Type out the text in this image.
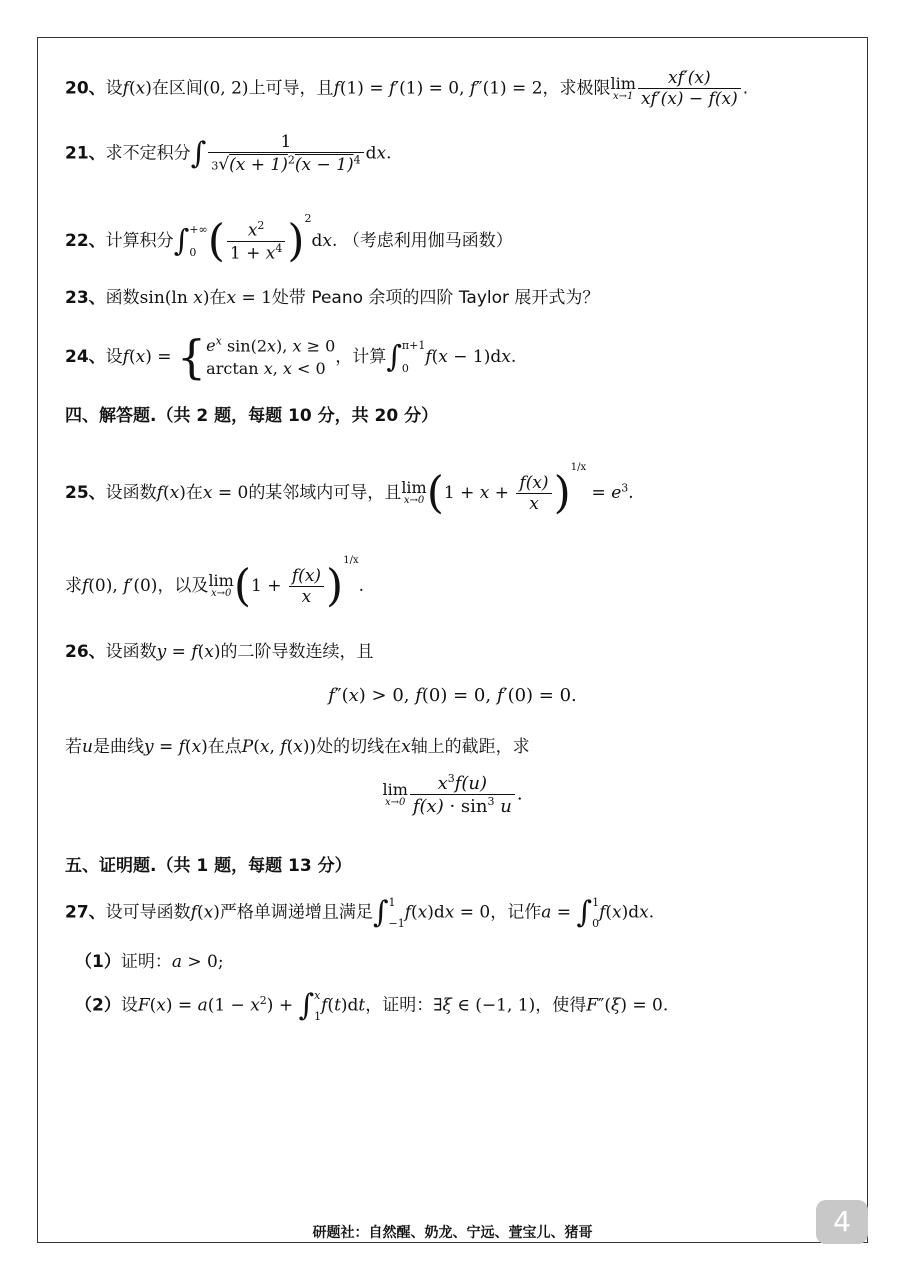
20、设f(x)在区间(0, 2)上可导，且f(1) = f′(1) = 0, f″(1) = 2，求极限 lim
$x\to 1 \frac{xf'(x)}{xf'(x) - f(x)}$ .
21、求不定积分∫ $\frac{1}{3√(x + 1)^2(x - 1)^4}$ dx.
22、计算积分∫ +∞
0 ( $\frac{x^2}{1 + x^4} )^2dx$. （考虑利用伽马函数）
23、函数sin(ln x)在x = 1处带 Peano 余项的四阶 Taylor 展开式为？
24、设f(x) = { $e^x$ sin(2x), x ≥ 0
arctan x, x < 0
，计算∫ π+1
0
f(x − 1)dx.
四、解答题.（共 2 题，每题 10 分，共 20 分）
25、设函数f(x)在x = 0的某邻域内可导，且 lim
x→0 $(1 + x + \frac{f(x)}{x} )^{1/x} = e^3$.
求f(0), f′(0)，以及 lim
x→0 $(1 + \frac{f(x)}{x} )^{1/x}$.
26、设函数y = f(x)的二阶导数连续，且
f″(x) > 0, f(0) = 0, f′(0) = 0.
若u是曲线y = f(x)在点P(x, f(x))处的切线在x轴上的截距，求
lim
$x\to 0 \frac{x^3f(u)}{f(x) \cdot \sin^3 u}$ .
五、证明题.（共 1 题，每题 13 分）
27、设可导函数f(x)严格单调递增且满足∫ 1
−1
f(x)dx = 0，记作a = ∫ 1
0
f(x)dx.
（1）证明：a > 0;
（2）设$F(x) = a(1 - x^2)$ + ∫ x
1
f(t)dt，证明：∃ξ ∈ (−1, 1)，使得F″(ξ) = 0.
研题社：自然醒、奶龙、宁远、萱宝儿、猪哥	4
